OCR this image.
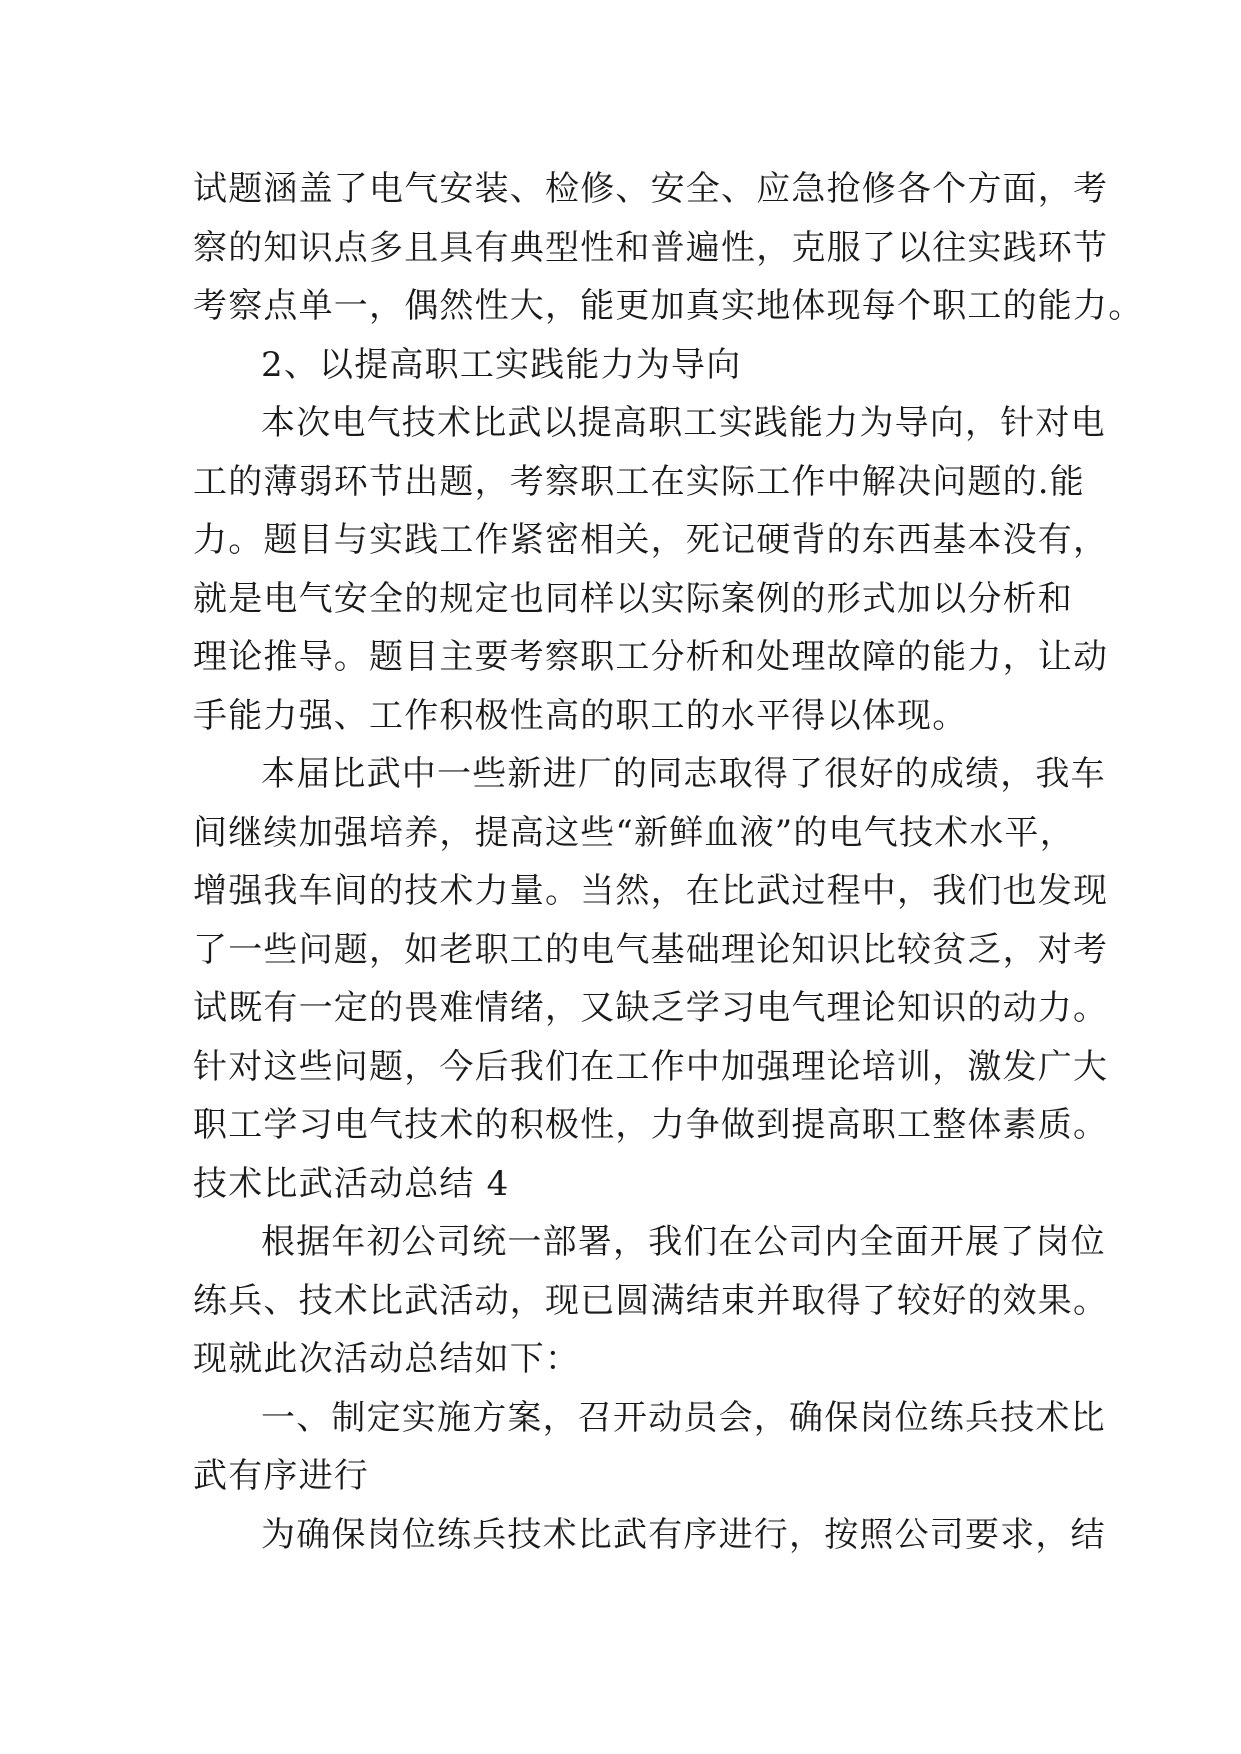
试题涵盖了电气安装、检修、安全、应急抢修各个方面，考
察的知识点多且具有典型性和普遍性，克服了以往实践环节
考察点单一，偶然性大，能更加真实地体现每个职工的能力。
2、以提高职工实践能力为导向
本次电气技术比武以提高职工实践能力为导向，针对电
工的薄弱环节出题，考察职工在实际工作中解决问题的.能
力。题目与实践工作紧密相关，死记硬背的东西基本没有，
就是电气安全的规定也同样以实际案例的形式加以分析和
理论推导。题目主要考察职工分析和处理故障的能力，让动
手能力强、工作积极性高的职工的水平得以体现。
本届比武中一些新进厂的同志取得了很好的成绩，我车
间继续加强培养，提高这些“新鲜血液”的电气技术水平，
增强我车间的技术力量。当然，在比武过程中，我们也发现
了一些问题，如老职工的电气基础理论知识比较贫乏，对考
试既有一定的畏难情绪，又缺乏学习电气理论知识的动力。
针对这些问题，今后我们在工作中加强理论培训，激发广大
职工学习电气技术的积极性，力争做到提高职工整体素质。
技术比武活动总结 4
根据年初公司统一部署，我们在公司内全面开展了岗位
练兵、技术比武活动，现已圆满结束并取得了较好的效果。
现就此次活动总结如下：
一、制定实施方案，召开动员会，确保岗位练兵技术比
武有序进行
为确保岗位练兵技术比武有序进行，按照公司要求，结
